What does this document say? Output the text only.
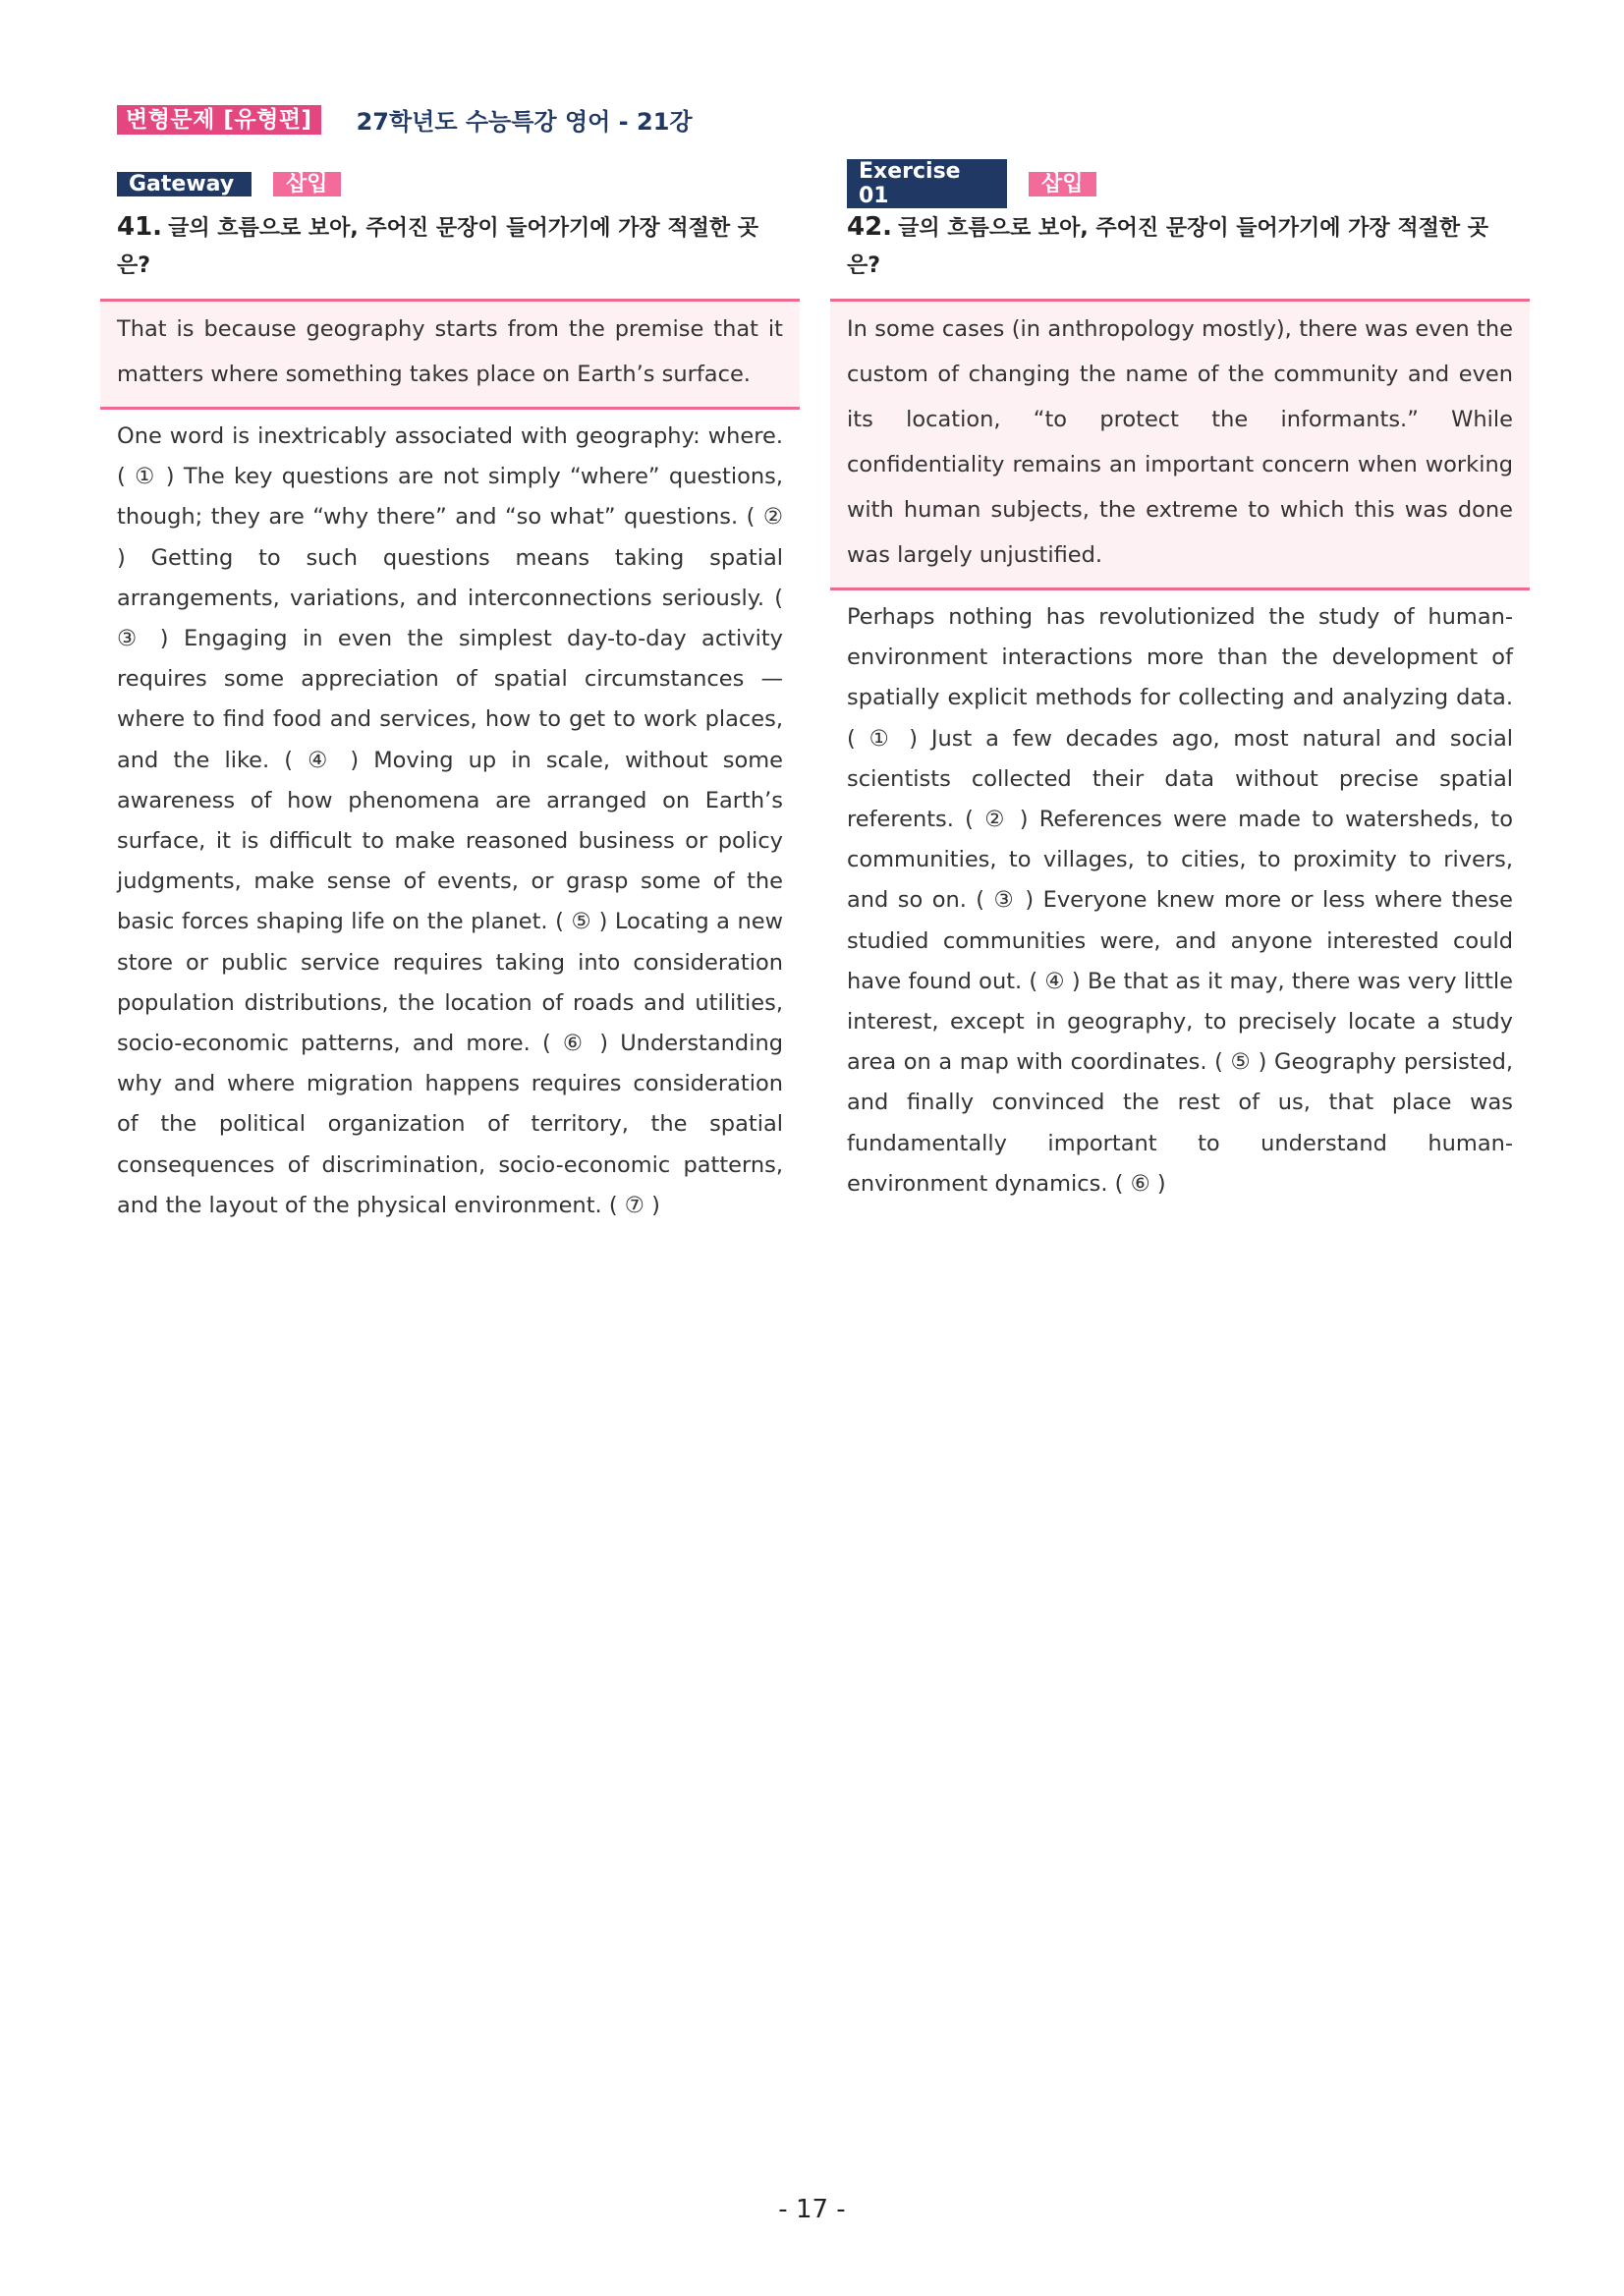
변형문제 [유형편]	27학년도 수능특강 영어 - 21강
Gateway	삽입
41. 글의 흐름으로 보아, 주어진 문장이 들어가기에 가장 적절한 곳은?
That is because geography starts from the premise that it matters where something takes place on Earth’s surface.
One word is inextricably associated with geography: where. ( ① ) The key questions are not simply “where” questions, though; they are “why there” and “so what” questions. ( ② ) Getting to such questions means taking spatial arrangements, variations, and interconnections seriously. ( ③ ) Engaging in even the simplest day-to-day activity requires some appreciation of spatial circumstances — where to find food and services, how to get to work places, and the like. ( ④ ) Moving up in scale, without some awareness of how phenomena are arranged on Earth’s surface, it is difficult to make reasoned business or policy judgments, make sense of events, or grasp some of the basic forces shaping life on the planet. ( ⑤ ) Locating a new store or public service requires taking into consideration population distributions, the location of roads and utilities, socio-economic patterns, and more. ( ⑥ ) Understanding why and where migration happens requires consideration of the political organization of territory, the spatial consequences of discrimination, socio-economic patterns, and the layout of the physical environment. ( ⑦ )
Exercise 01	삽입
42. 글의 흐름으로 보아, 주어진 문장이 들어가기에 가장 적절한 곳은?
In some cases (in anthropology mostly), there was even the custom of changing the name of the community and even its location, “to protect the informants.” While confidentiality remains an important concern when working with human subjects, the extreme to which this was done was largely unjustified.
Perhaps nothing has revolutionized the study of human-environment interactions more than the development of spatially explicit methods for collecting and analyzing data. ( ① ) Just a few decades ago, most natural and social scientists collected their data without precise spatial referents. ( ② ) References were made to watersheds, to communities, to villages, to cities, to proximity to rivers, and so on. ( ③ ) Everyone knew more or less where these studied communities were, and anyone interested could have found out. ( ④ ) Be that as it may, there was very little interest, except in geography, to precisely locate a study area on a map with coordinates. ( ⑤ ) Geography persisted, and finally convinced the rest of us, that place was fundamentally important to understand human-environment dynamics. ( ⑥ )
- 17 -
